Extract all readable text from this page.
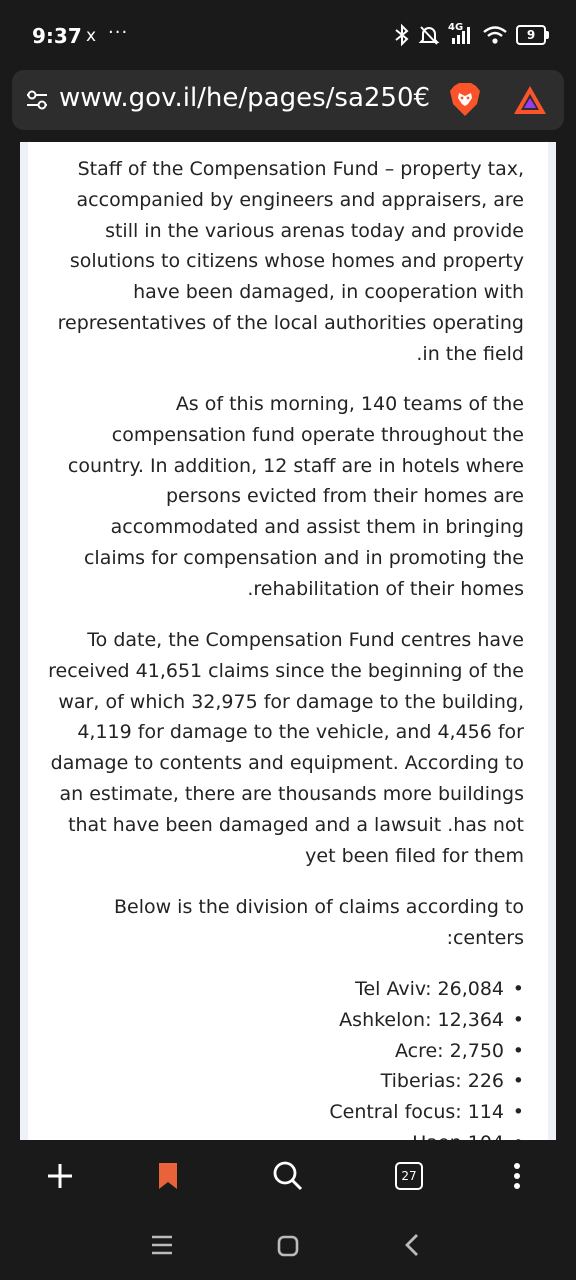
9:37 x ···	4G
9
www.gov.il/he/pages/sa250€

Staff of the Compensation Fund – property tax, accompanied by engineers and appraisers, are still in the various arenas today and provide solutions to citizens whose homes and property have been damaged, in cooperation with representatives of the local authorities operating .in the field

As of this morning, 140 teams of the compensation fund operate throughout the country. In addition, 12 staff are in hotels where persons evicted from their homes are accommodated and assist them in bringing claims for compensation and in promoting the .rehabilitation of their homes

To date, the Compensation Fund centres have received 41,651 claims since the beginning of the war, of which 32,975 for damage to the building, 4,119 for damage to the vehicle, and 4,456 for damage to contents and equipment. According to an estimate, there are thousands more buildings that have been damaged and a lawsuit .has not yet been filed for them

Below is the division of claims according to :centers

Tel Aviv: 26,084 •
Ashkelon: 12,364 •
Acre: 2,750 •
Tiberias: 226 •
Central focus: 114 •
27
